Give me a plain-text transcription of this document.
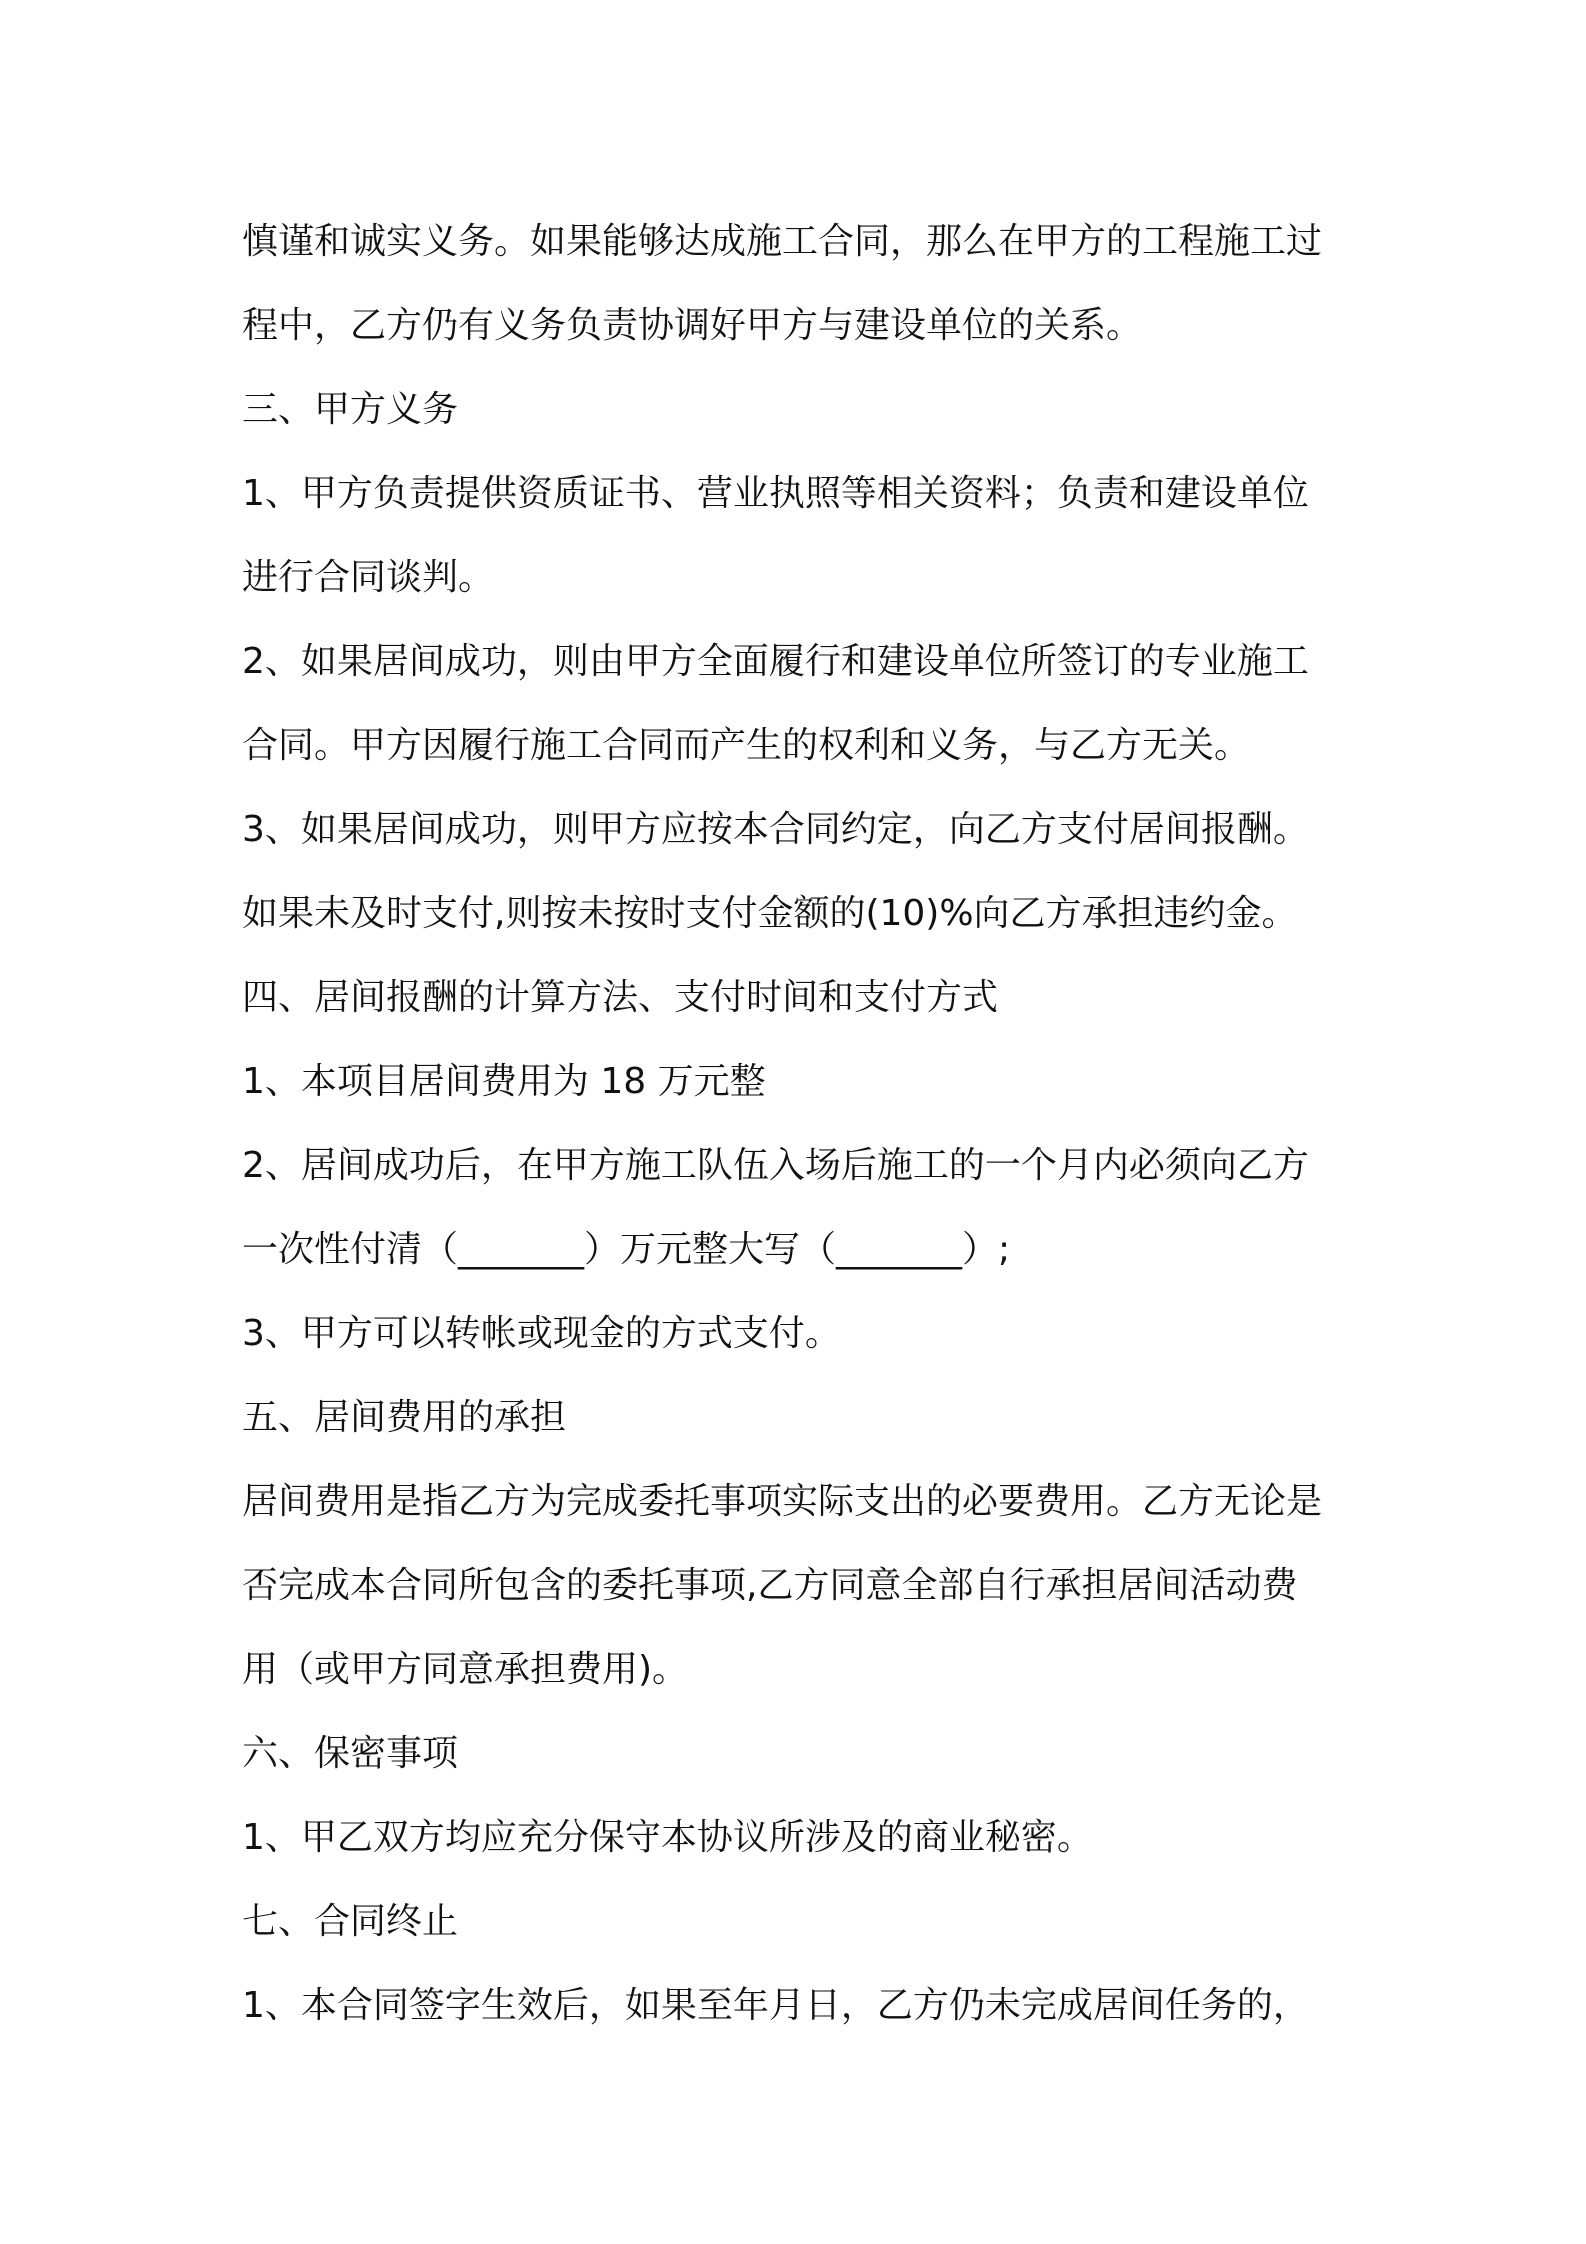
慎谨和诚实义务。如果能够达成施工合同，那么在甲方的工程施工过
程中，乙方仍有义务负责协调好甲方与建设单位的关系。
三、甲方义务
1、甲方负责提供资质证书、营业执照等相关资料；负责和建设单位
进行合同谈判。
2、如果居间成功，则由甲方全面履行和建设单位所签订的专业施工
合同。甲方因履行施工合同而产生的权利和义务，与乙方无关。
3、如果居间成功，则甲方应按本合同约定，向乙方支付居间报酬。
如果未及时支付,则按未按时支付金额的(10)%向乙方承担违约金。
四、居间报酬的计算方法、支付时间和支付方式
1、本项目居间费用为 18 万元整
2、居间成功后，在甲方施工队伍入场后施工的一个月内必须向乙方
一次性付清（_______）万元整大写（_______）;
3、甲方可以转帐或现金的方式支付。
五、居间费用的承担
居间费用是指乙方为完成委托事项实际支出的必要费用。乙方无论是
否完成本合同所包含的委托事项,乙方同意全部自行承担居间活动费
用（或甲方同意承担费用)。
六、保密事项
1、甲乙双方均应充分保守本协议所涉及的商业秘密。
七、合同终止
1、本合同签字生效后，如果至年月日，乙方仍未完成居间任务的，
